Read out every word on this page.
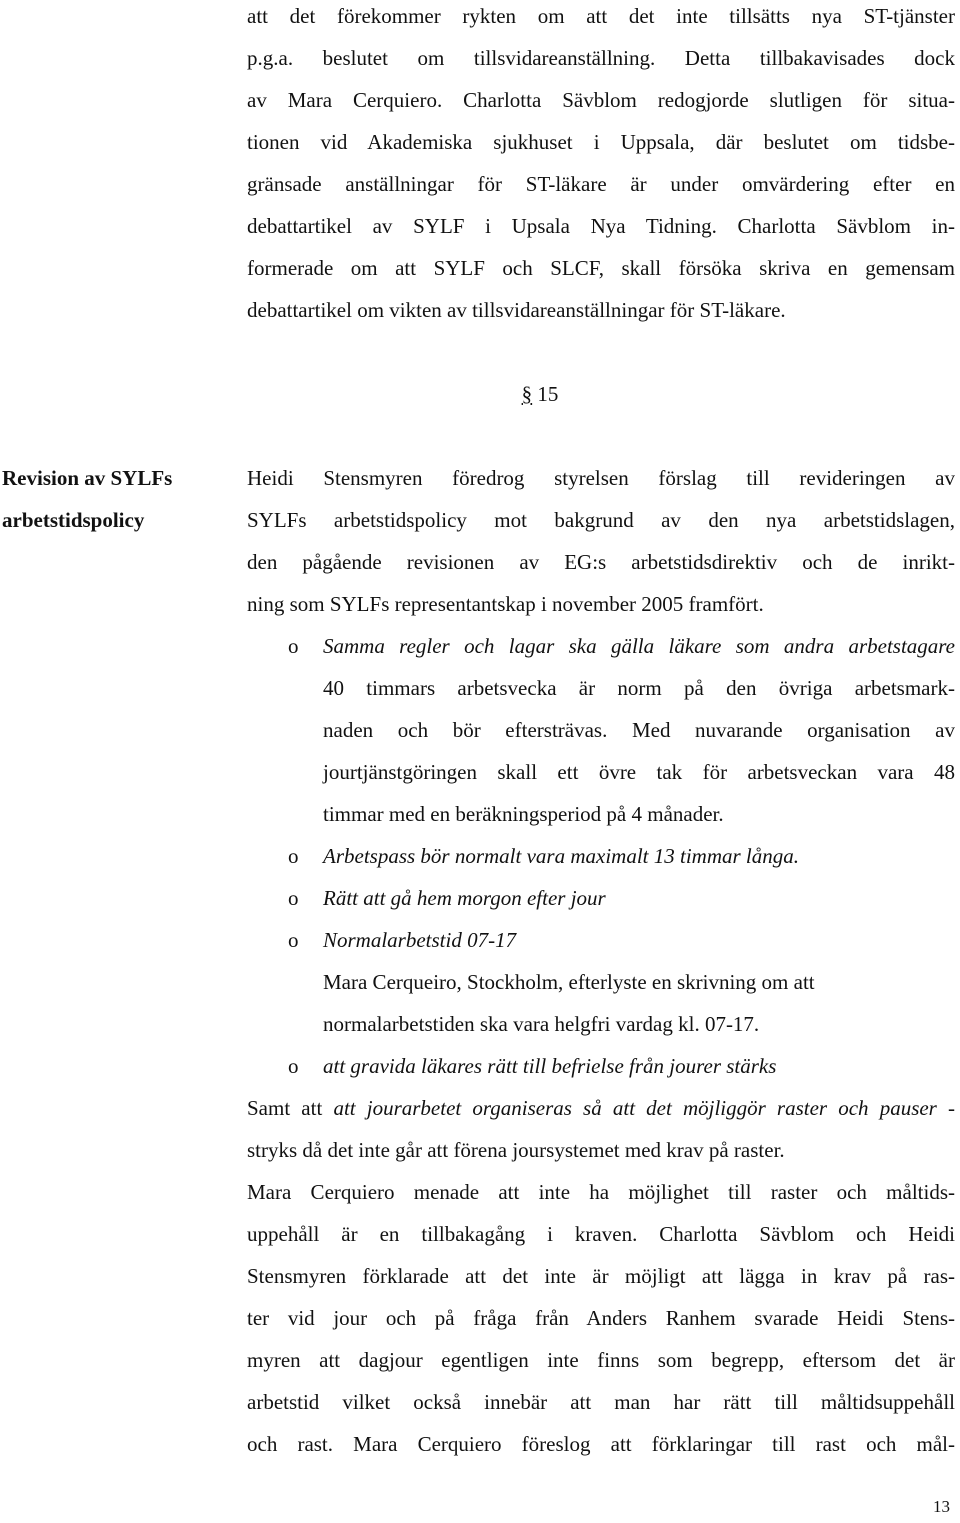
att det förekommer rykten om att det inte tillsätts nya ST-tjänster
p.g.a. beslutet om tillsvidareanställning. Detta tillbakavisades dock
av Mara Cerquiero. Charlotta Sävblom redogjorde slutligen för situa-
tionen vid Akademiska sjukhuset i Uppsala, där beslutet om tidsbe-
gränsade anställningar för ST-läkare är under omvärdering efter en
debattartikel av SYLF i Upsala Nya Tidning. Charlotta Sävblom in-
formerade om att SYLF och SLCF, skall försöka skriva en gemensam
debattartikel om vikten av tillsvidareanställningar för ST-läkare.
§ 15
Revision av SYLFs
arbetstidspolicy
Heidi Stensmyren föredrog styrelsen förslag till revideringen av
SYLFs arbetstidspolicy mot bakgrund av den nya arbetstidslagen,
den pågående revisionen av EG:s arbetstidsdirektiv och de inrikt-
ning som SYLFs representantskap i november 2005 framfört.
o Samma regler och lagar ska gälla läkare som andra arbetstagare
40 timmars arbetsvecka är norm på den övriga arbetsmark-
naden och bör eftersträvas. Med nuvarande organisation av
jourtjänstgöringen skall ett övre tak för arbetsveckan vara 48
timmar med en beräkningsperiod på 4 månader.
o Arbetspass bör normalt vara maximalt 13 timmar långa.
o Rätt att gå hem morgon efter jour
o Normalarbetstid 07-17
Mara Cerqueiro, Stockholm, efterlyste en skrivning om att
normalarbetstiden ska vara helgfri vardag kl. 07-17.
o att gravida läkares rätt till befrielse från jourer stärks
Samt att att jourarbetet organiseras så att det möjliggör raster och pauser -
stryks då det inte går att förena joursystemet med krav på raster.
Mara Cerquiero menade att inte ha möjlighet till raster och måltids-
uppehåll är en tillbakagång i kraven. Charlotta Sävblom och Heidi
Stensmyren förklarade att det inte är möjligt att lägga in krav på ras-
ter vid jour och på fråga från Anders Ranhem svarade Heidi Stens-
myren att dagjour egentligen inte finns som begrepp, eftersom det är
arbetstid vilket också innebär att man har rätt till måltidsuppehåll
och rast. Mara Cerquiero föreslog att förklaringar till rast och mål-
13
